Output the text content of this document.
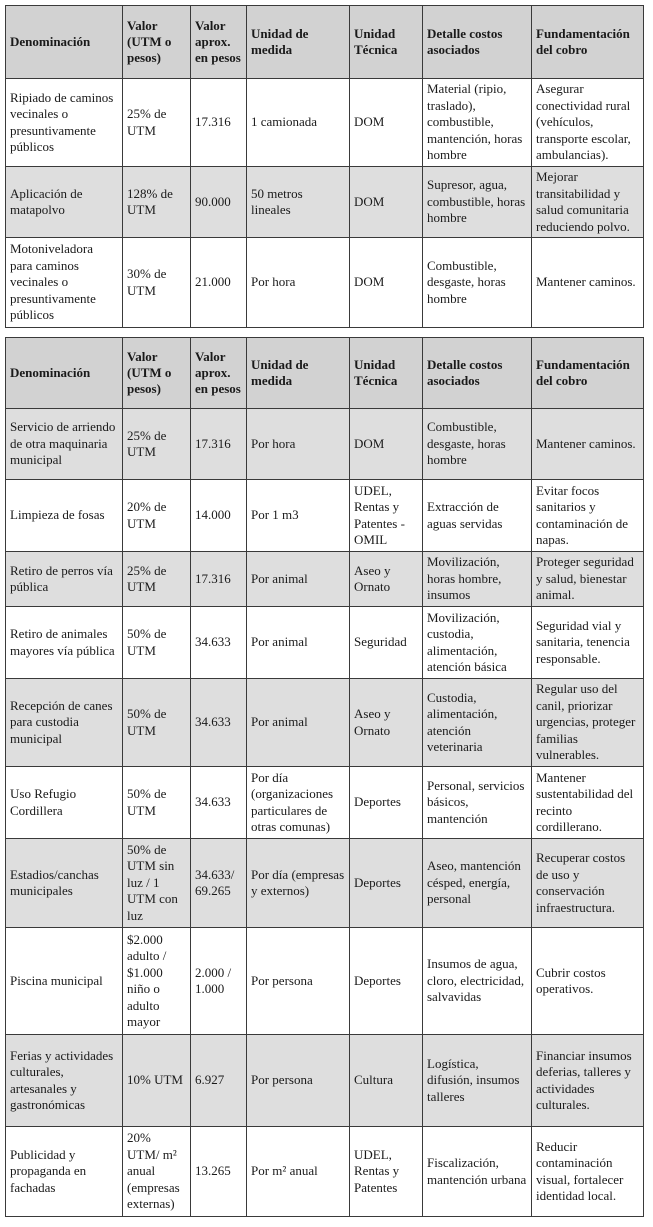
Denominación	Valor (UTM o pesos)	Valor aprox. en pesos	Unidad de medida	Unidad Técnica	Detalle costos asociados	Fundamentación del cobro
Ripiado de caminos vecinales o presuntivamente públicos	25% de UTM	17.316	1 camionada	DOM	Material (ripio, traslado), combustible, mantención, horas hombre	Asegurar conectividad rural (vehículos, transporte escolar, ambulancias).
Aplicación de matapolvo	128% de UTM	90.000	50 metros lineales	DOM	Supresor, agua, combustible, horas hombre	Mejorar transitabilidad y salud comunitaria reduciendo polvo.
Motoniveladora para caminos vecinales o presuntivamente públicos	30% de UTM	21.000	Por hora	DOM	Combustible, desgaste, horas hombre	Mantener caminos.
Denominación	Valor (UTM o pesos)	Valor aprox. en pesos	Unidad de medida	Unidad Técnica	Detalle costos asociados	Fundamentación del cobro
Servicio de arriendo de otra maquinaria municipal	25% de UTM	17.316	Por hora	DOM	Combustible, desgaste, horas hombre	Mantener caminos.
Limpieza de fosas	20% de UTM	14.000	Por 1 m3	UDEL, Rentas y Patentes -OMIL	Extracción de aguas servidas	Evitar focos sanitarios y contaminación de napas.
Retiro de perros vía pública	25% de UTM	17.316	Por animal	Aseo y Ornato	Movilización, horas hombre, insumos	Proteger seguridad y salud, bienestar animal.
Retiro de animales mayores vía pública	50% de UTM	34.633	Por animal	Seguridad	Movilización, custodia, alimentación, atención básica	Seguridad vial y sanitaria, tenencia responsable.
Recepción de canes para custodia municipal	50% de UTM	34.633	Por animal	Aseo y Ornato	Custodia, alimentación, atención veterinaria	Regular uso del canil, priorizar urgencias, proteger familias vulnerables.
Uso Refugio Cordillera	50% de UTM	34.633	Por día (organizaciones particulares de otras comunas)	Deportes	Personal, servicios básicos, mantención	Mantener sustentabilidad del recinto cordillerano.
Estadios/canchas municipales	50% de UTM sin luz / 1 UTM con luz	34.633/ 69.265	Por día (empresas y externos)	Deportes	Aseo, mantención césped, energía, personal	Recuperar costos de uso y conservación infraestructura.
Piscina municipal	$2.000 adulto / $1.000 niño o adulto mayor	2.000 / 1.000	Por persona	Deportes	Insumos de agua, cloro, electricidad, salvavidas	Cubrir costos operativos.
Ferias y actividades culturales, artesanales y gastronómicas	10% UTM	6.927	Por persona	Cultura	Logística, difusión, insumos talleres	Financiar insumos deferias, talleres y actividades culturales.
Publicidad y propaganda en fachadas	20% UTM/ m² anual (empresas externas)	13.265	Por m² anual	UDEL, Rentas y Patentes	Fiscalización, mantención urbana	Reducir contaminación visual, fortalecer identidad local.
